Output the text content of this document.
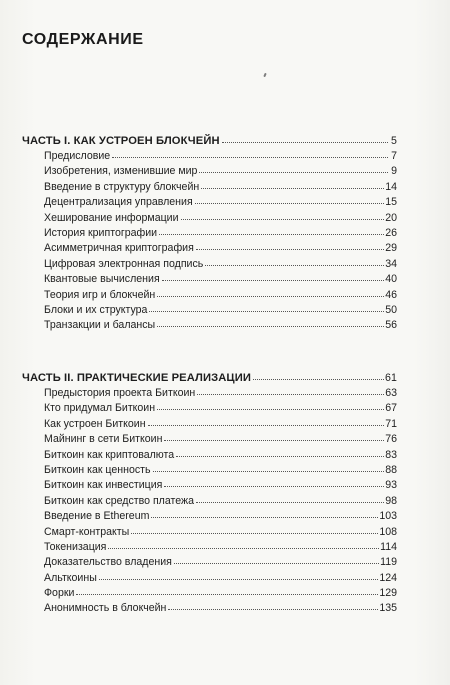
СОДЕРЖАНИЕ
ЧАСТЬ I. КАК УСТРОЕН БЛОКЧЕЙН	5
Предисловие	7
Изобретения, изменившие мир	9
Введение в структуру блокчейн	14
Децентрализация управления	15
Хеширование информации	20
История криптографии	26
Асимметричная криптография	29
Цифровая электронная подпись	34
Квантовые вычисления	40
Теория игр и блокчейн	46
Блоки и их структура	50
Транзакции и балансы	56
ЧАСТЬ II. ПРАКТИЧЕСКИЕ РЕАЛИЗАЦИИ	61
Предыстория проекта Биткоин	63
Кто придумал Биткоин	67
Как устроен Биткоин	71
Майнинг в сети Биткоин	76
Биткоин как криптовалюта	83
Биткоин как ценность	88
Биткоин как инвестиция	93
Биткоин как средство платежа	98
Введение в Ethereum	103
Смарт-контракты	108
Токенизация	114
Доказательство владения	119
Альткоины	124
Форки	129
Анонимность в блокчейн	135
